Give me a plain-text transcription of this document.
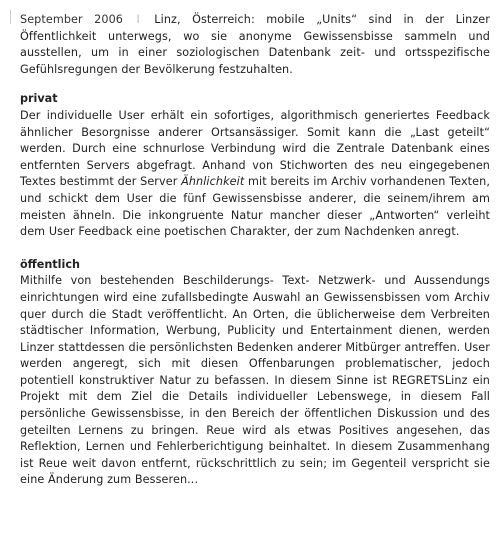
September 2006 I Linz, Österreich: mobile „Units“ sind in der Linzer Öffentlichkeit unterwegs, wo sie anonyme Gewissensbisse sammeln und ausstellen, um in einer soziologischen Datenbank zeit- und ortsspezifische Gefühlsregungen der Bevölkerung festzuhalten.

privat

Der individuelle User erhält ein sofortiges, algorithmisch generiertes Feedback ähnlicher Besorgnisse anderer Ortsansässiger. Somit kann die „Last geteilt“ werden. Durch eine schnurlose Verbindung wird die Zentrale Datenbank eines entfernten Servers abgefragt. Anhand von Stichworten des neu eingegebenen Textes bestimmt der Server Ähnlichkeit mit bereits im Archiv vorhandenen Texten, und schickt dem User die fünf Gewissensbisse anderer, die seinem/ihrem am meisten ähneln. Die inkongruente Natur mancher dieser „Antworten“ verleiht dem User Feedback eine poetischen Charakter, der zum Nachdenken anregt.

öffentlich

Mithilfe von bestehenden Beschilderungs- Text- Netzwerk- und Aussendungs einrichtungen wird eine zufallsbedingte Auswahl an Gewissensbissen vom Archiv quer durch die Stadt veröffentlicht. An Orten, die üblicherweise dem Verbreiten städtischer Information, Werbung, Publicity und Entertainment dienen, werden Linzer stattdessen die persönlichsten Bedenken anderer Mitbürger antreffen. User werden angeregt, sich mit diesen Offenbarungen problematischer, jedoch potentiell konstruktiver Natur zu befassen. In diesem Sinne ist REGRETSLinz ein Projekt mit dem Ziel die Details individueller Lebenswege, in diesem Fall persönliche Gewissensbisse, in den Bereich der öffentlichen Diskussion und des geteilten Lernens zu bringen. Reue wird als etwas Positives angesehen, das Reflektion, Lernen und Fehlerberichtigung beinhaltet. In diesem Zusammenhang ist Reue weit davon entfernt, rückschrittlich zu sein; im Gegenteil verspricht sie eine Änderung zum Besseren...
